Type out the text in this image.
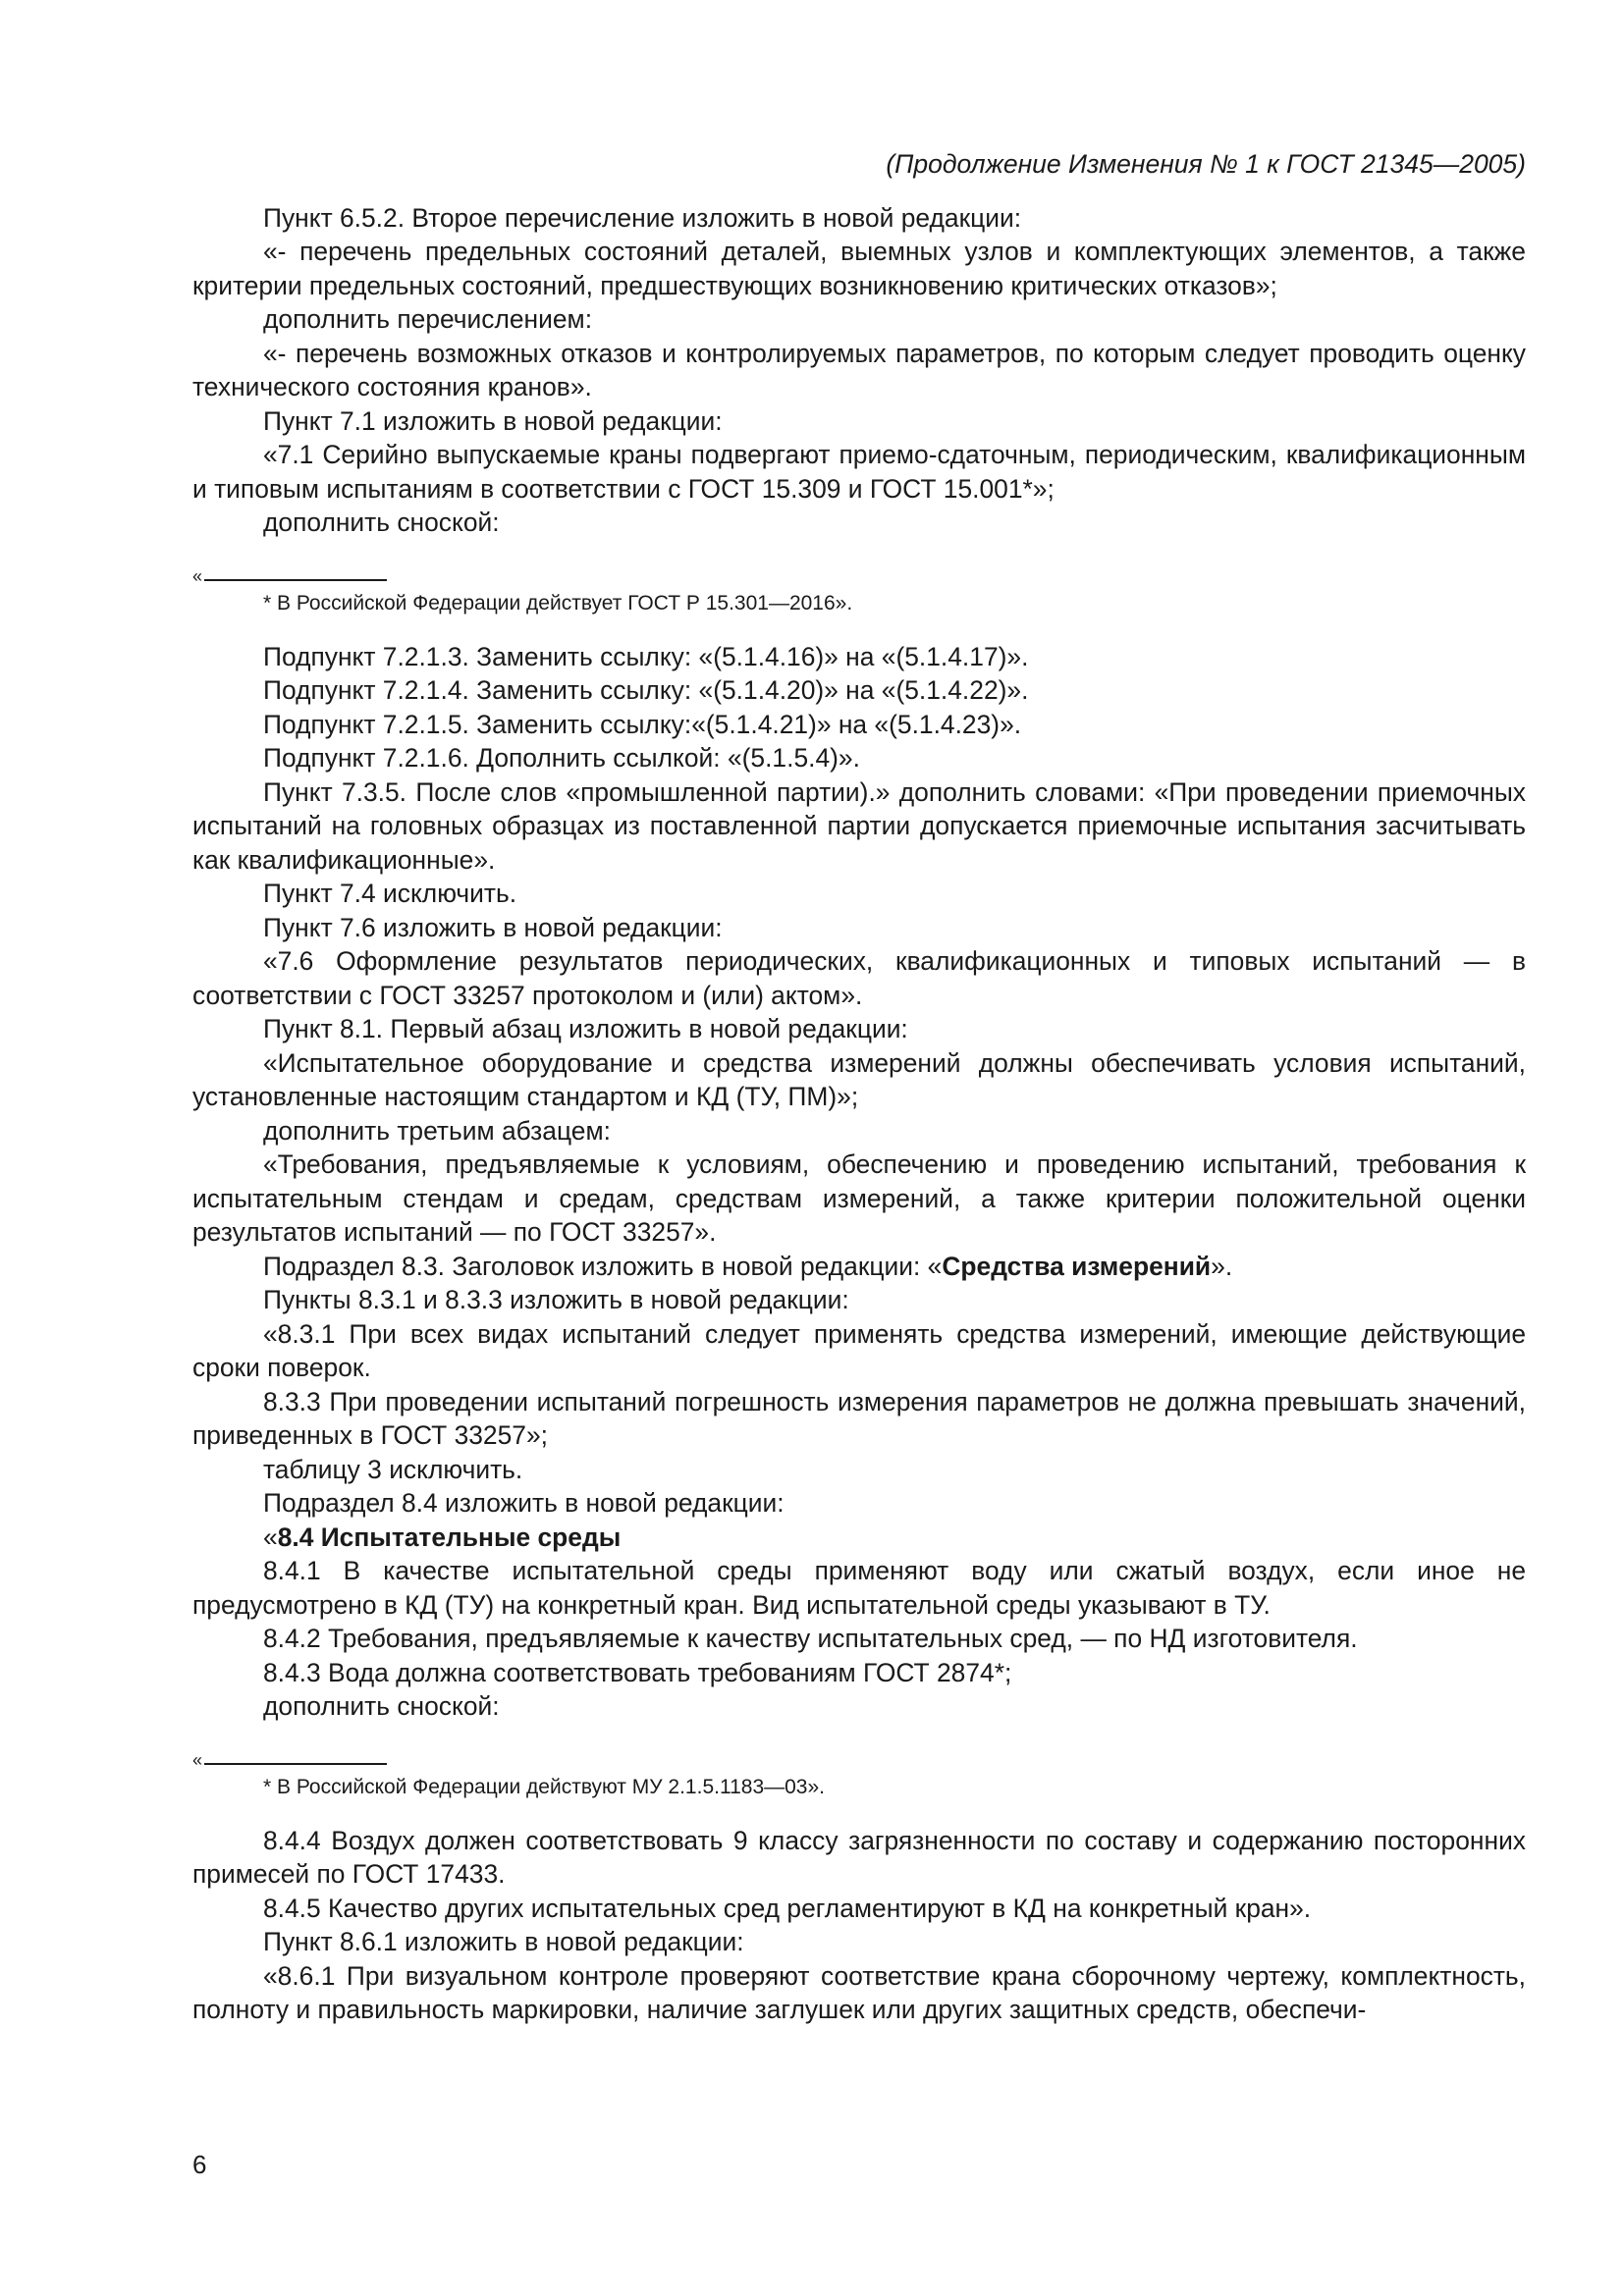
(Продолжение Изменения № 1 к ГОСТ 21345—2005)

Пункт 6.5.2. Второе перечисление изложить в новой редакции:

«- перечень предельных состояний деталей, выемных узлов и комплектующих элементов, а также критерии предельных состояний, предшествующих возникновению критических отказов»;

дополнить перечислением:

«- перечень возможных отказов и контролируемых параметров, по которым следует проводить оценку технического состояния кранов».

Пункт 7.1 изложить в новой редакции:

«7.1 Серийно выпускаемые краны подвергают приемо-сдаточным, периодическим, квалификационным и типовым испытаниям в соответствии с ГОСТ 15.309 и ГОСТ 15.001*»;

дополнить сноской:

«

* В Российской Федерации действует ГОСТ Р 15.301—2016».

Подпункт 7.2.1.3. Заменить ссылку: «(5.1.4.16)» на «(5.1.4.17)».

Подпункт 7.2.1.4. Заменить ссылку: «(5.1.4.20)» на «(5.1.4.22)».

Подпункт 7.2.1.5. Заменить ссылку:«(5.1.4.21)» на «(5.1.4.23)».

Подпункт 7.2.1.6. Дополнить ссылкой: «(5.1.5.4)».

Пункт 7.3.5. После слов «промышленной партии).» дополнить словами: «При проведении приемочных испытаний на головных образцах из поставленной партии допускается приемочные испытания засчитывать как квалификационные».

Пункт 7.4 исключить.

Пункт 7.6 изложить в новой редакции:

«7.6 Оформление результатов периодических, квалификационных и типовых испытаний — в соответствии с ГОСТ 33257 протоколом и (или) актом».

Пункт 8.1. Первый абзац изложить в новой редакции:

«Испытательное оборудование и средства измерений должны обеспечивать условия испытаний, установленные настоящим стандартом и КД (ТУ, ПМ)»;

дополнить третьим абзацем:

«Требования, предъявляемые к условиям, обеспечению и проведению испытаний, требования к испытательным стендам и средам, средствам измерений, а также критерии положительной оценки результатов испытаний — по ГОСТ 33257».

Подраздел 8.3. Заголовок изложить в новой редакции: «Средства измерений».

Пункты 8.3.1 и 8.3.3 изложить в новой редакции:

«8.3.1 При всех видах испытаний следует применять средства измерений, имеющие действующие сроки поверок.

8.3.3 При проведении испытаний погрешность измерения параметров не должна превышать значений, приведенных в ГОСТ 33257»;

таблицу 3 исключить.

Подраздел 8.4 изложить в новой редакции:

«8.4 Испытательные среды

8.4.1 В качестве испытательной среды применяют воду или сжатый воздух, если иное не предусмотрено в КД (ТУ) на конкретный кран. Вид испытательной среды указывают в ТУ.

8.4.2 Требования, предъявляемые к качеству испытательных сред, — по НД изготовителя.

8.4.3 Вода должна соответствовать требованиям ГОСТ 2874*;

дополнить сноской:

«

* В Российской Федерации действуют МУ 2.1.5.1183—03».

8.4.4 Воздух должен соответствовать 9 классу загрязненности по составу и содержанию посторонних примесей по ГОСТ 17433.

8.4.5 Качество других испытательных сред регламентируют в КД на конкретный кран».

Пункт 8.6.1 изложить в новой редакции:

«8.6.1 При визуальном контроле проверяют соответствие крана сборочному чертежу, комплектность, полноту и правильность маркировки, наличие заглушек или других защитных средств, обеспечи-

6
